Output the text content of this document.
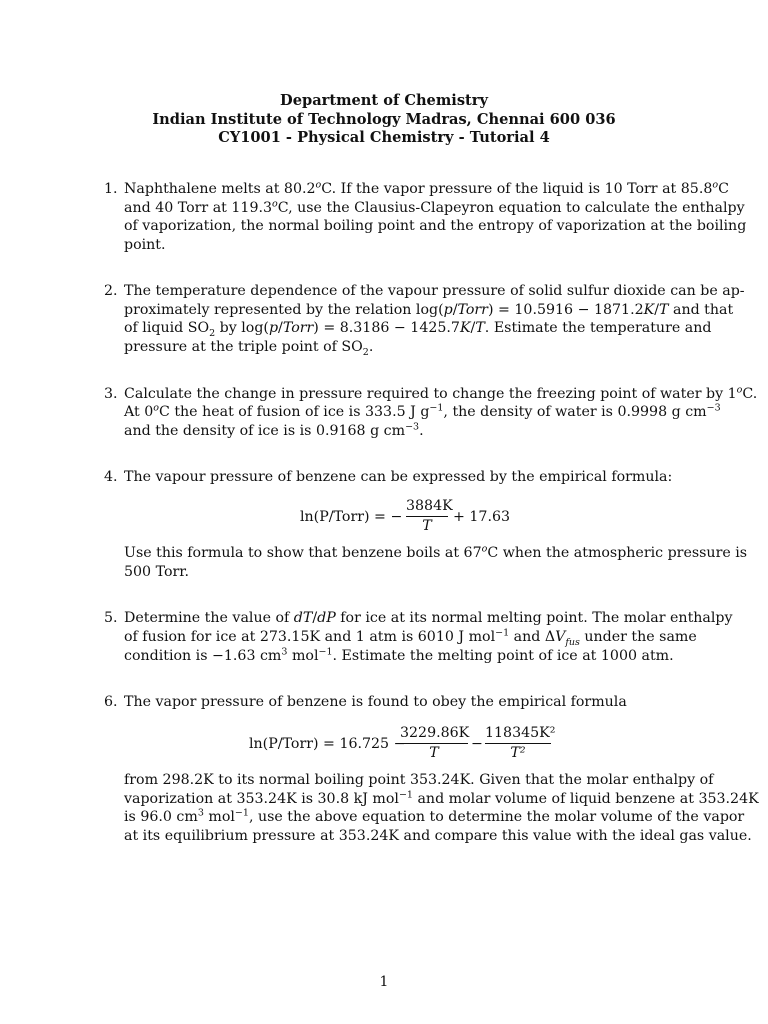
Department of Chemistry
Indian Institute of Technology Madras, Chennai 600 036
CY1001 - Physical Chemistry - Tutorial 4
1. Naphthalene melts at 80.2$^o$C. If the vapor pressure of the liquid is 10 Torr at 85.8$^o$C
and 40 Torr at 119.3$^o$C, use the Clausius-Clapeyron equation to calculate the enthalpy
of vaporization, the normal boiling point and the entropy of vaporization at the boiling
point.
2. The temperature dependence of the vapour pressure of solid sulfur dioxide can be ap-
proximately represented by the relation log(p/Torr) = 10.5916 − 1871.2K/T and that
of liquid $SO_2$ by log(p/Torr) = 8.3186 − 1425.7K/T. Estimate the temperature and
pressure at the triple point of $SO_2$.
3. Calculate the change in pressure required to change the freezing point of water by 1$^o$C.
At 0$^o$C the heat of fusion of ice is 333.5 J $g^{-1}$, the density of water is 0.9998 g $cm^{-3}$
and the density of ice is is 0.9168 g $cm^{-3}$.
4. The vapour pressure of benzene can be expressed by the empirical formula:
ln(P/Torr) = − $\frac{3884K}{T} + 17.63$
Use this formula to show that benzene boils at 67$^o$C when the atmospheric pressure is
500 Torr.
5. Determine the value of dT/dP for ice at its normal melting point. The molar enthalpy
of fusion for ice at 273.15K and 1 atm is 6010 J mol$^{-1}$ and $\Delta V_{fus}$ under the same
condition is −1.63 $cm^3$ mol$^{-1}$. Estimate the melting point of ice at 1000 atm.
6. The vapor pressure of benzene is found to obey the empirical formula
ln(P/Torr) = 16.725 −
$\frac{3229.86K}{T} - \frac{\text{118345K²}}{\text{T²}}$
from 298.2K to its normal boiling point 353.24K. Given that the molar enthalpy of
vaporization at 353.24K is 30.8 kJ mol$^{-1}$ and molar volume of liquid benzene at 353.24K
is 96.0 $cm^3$ mol$^{-1}$, use the above equation to determine the molar volume of the vapor
at its equilibrium pressure at 353.24K and compare this value with the ideal gas value.
1
